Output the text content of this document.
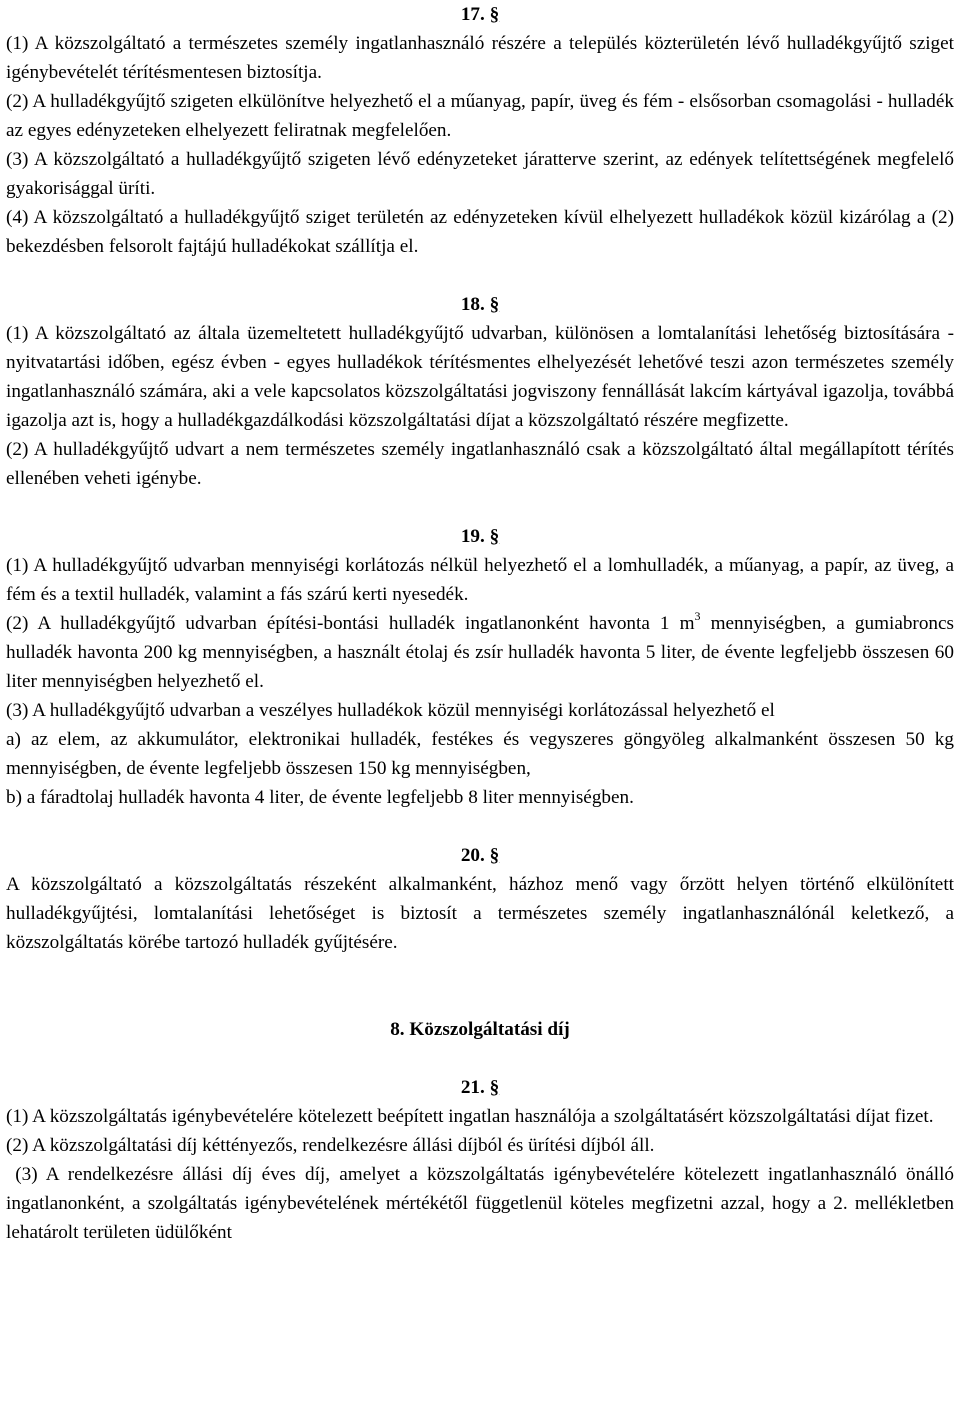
17. §

(1) A közszolgáltató a természetes személy ingatlanhasználó részére a település közterületén lévő hulladékgyűjtő sziget igénybevételét térítésmentesen biztosítja.

(2) A hulladékgyűjtő szigeten elkülönítve helyezhető el a műanyag, papír, üveg és fém - elsősorban csomagolási - hulladék az egyes edényzeteken elhelyezett feliratnak megfelelően.

(3) A közszolgáltató a hulladékgyűjtő szigeten lévő edényzeteket járatterve szerint, az edények telítettségének megfelelő gyakorisággal üríti.

(4) A közszolgáltató a hulladékgyűjtő sziget területén az edényzeteken kívül elhelyezett hulladékok közül kizárólag a (2) bekezdésben felsorolt fajtájú hulladékokat szállítja el.

18. §

(1) A közszolgáltató az általa üzemeltetett hulladékgyűjtő udvarban, különösen a lomtalanítási lehetőség biztosítására - nyitvatartási időben, egész évben - egyes hulladékok térítésmentes elhelyezését lehetővé teszi azon természetes személy ingatlanhasználó számára, aki a vele kapcsolatos közszolgáltatási jogviszony fennállását lakcím kártyával igazolja, továbbá igazolja azt is, hogy a hulladékgazdálkodási közszolgáltatási díjat a közszolgáltató részére megfizette.

(2) A hulladékgyűjtő udvart a nem természetes személy ingatlanhasználó csak a közszolgáltató által megállapított térítés ellenében veheti igénybe.

19. §

(1) A hulladékgyűjtő udvarban mennyiségi korlátozás nélkül helyezhető el a lomhulladék, a műanyag, a papír, az üveg, a fém és a textil hulladék, valamint a fás szárú kerti nyesedék.

(2) A hulladékgyűjtő udvarban építési-bontási hulladék ingatlanonként havonta 1 $m^3$ mennyiségben, a gumiabroncs hulladék havonta 200 kg mennyiségben, a használt étolaj és zsír hulladék havonta 5 liter, de évente legfeljebb összesen 60 liter mennyiségben helyezhető el.

(3) A hulladékgyűjtő udvarban a veszélyes hulladékok közül mennyiségi korlátozással helyezhető el

a) az elem, az akkumulátor, elektronikai hulladék, festékes és vegyszeres göngyöleg alkalmanként összesen 50 kg mennyiségben, de évente legfeljebb összesen 150 kg mennyiségben,

b) a fáradtolaj hulladék havonta 4 liter, de évente legfeljebb 8 liter mennyiségben.

20. §

A közszolgáltató a közszolgáltatás részeként alkalmanként, házhoz menő vagy őrzött helyen történő elkülönített hulladékgyűjtési, lomtalanítási lehetőséget is biztosít a természetes személy ingatlanhasználónál keletkező, a közszolgáltatás körébe tartozó hulladék gyűjtésére.

8. Közszolgáltatási díj
21. §

(1) A közszolgáltatás igénybevételére kötelezett beépített ingatlan használója a szolgáltatásért közszolgáltatási díjat fizet.

(2) A közszolgáltatási díj kéttényezős, rendelkezésre állási díjból és ürítési díjból áll.

(3) A rendelkezésre állási díj éves díj, amelyet a közszolgáltatás igénybevételére kötelezett ingatlanhasználó önálló ingatlanonként, a szolgáltatás igénybevételének mértékétől függetlenül köteles megfizetni azzal, hogy a 2. mellékletben lehatárolt területen üdülőként
